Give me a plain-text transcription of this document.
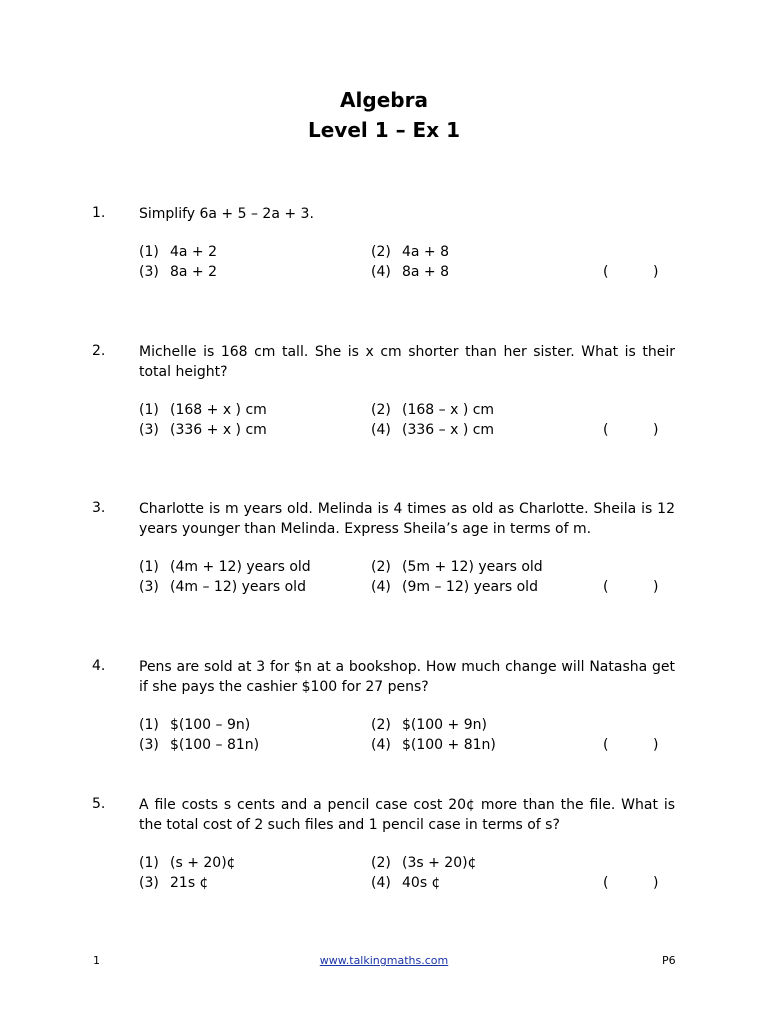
Algebra
Level 1 – Ex 1
1. Simplify 6a + 5 – 2a + 3.
(1) 4a + 2	(2) 4a + 8
(3) 8a + 2	(4) 8a + 8	(          )
2. Michelle is 168 cm tall. She is x cm shorter than her sister. What is their total height?
(1) (168 + x ) cm	(2) (168 – x ) cm
(3) (336 + x ) cm	(4) (336 – x ) cm	(          )
3. Charlotte is m years old. Melinda is 4 times as old as Charlotte. Sheila is 12 years younger than Melinda. Express Sheila’s age in terms of m.
(1) (4m + 12) years old	(2) (5m + 12) years old
(3) (4m – 12) years old	(4) (9m – 12) years old	(          )
4. Pens are sold at 3 for $n at a bookshop. How much change will Natasha get if she pays the cashier $100 for 27 pens?
(1) $(100 – 9n)	(2) $(100 + 9n)
(3) $(100 – 81n)	(4) $(100 + 81n)	(          )
5. A file costs s cents and a pencil case cost 20¢ more than the file. What is the total cost of 2 such files and 1 pencil case in terms of s?
(1) (s + 20)¢	(2) (3s + 20)¢
(3) 21s ¢	(4) 40s ¢	(          )
1	www.talkingmaths.com	P6
